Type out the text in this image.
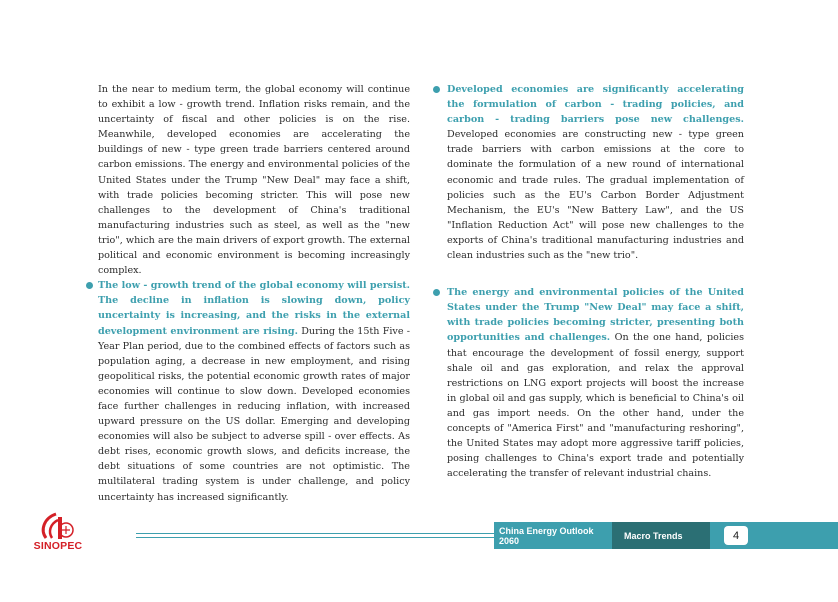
In the near to medium term, the global economy will continue to exhibit a low - growth trend. Inflation risks remain, and the uncertainty of fiscal and other policies is on the rise. Meanwhile, developed economies are accelerating the buildings of new - type green trade barriers centered around carbon emissions. The energy and environmental policies of the United States under the Trump "New Deal" may face a shift, with trade policies becoming stricter. This will pose new challenges to the development of China's traditional manufacturing industries such as steel, as well as the "new trio", which are the main drivers of export growth. The external political and economic environment is becoming increasingly complex.

The low - growth trend of the global economy will persist. The decline in inflation is slowing down, policy uncertainty is increasing, and the risks in the external development environment are rising. During the 15th Five - Year Plan period, due to the combined effects of factors such as population aging, a decrease in new employment, and rising geopolitical risks, the potential economic growth rates of major economies will continue to slow down. Developed economies face further challenges in reducing inflation, with increased upward pressure on the US dollar. Emerging and developing economies will also be subject to adverse spill - over effects. As debt rises, economic growth slows, and deficits increase, the debt situations of some countries are not optimistic. The multilateral trading system is under challenge, and policy uncertainty has increased significantly.

Developed economies are significantly accelerating the formulation of carbon - trading policies, and carbon - trading barriers pose new challenges. Developed economies are constructing new - type green trade barriers with carbon emissions at the core to dominate the formulation of a new round of international economic and trade rules. The gradual implementation of policies such as the EU's Carbon Border Adjustment Mechanism, the EU's "New Battery Law", and the US "Inflation Reduction Act" will pose new challenges to the exports of China's traditional manufacturing industries and clean industries such as the "new trio".

The energy and environmental policies of the United States under the Trump "New Deal" may face a shift, with trade policies becoming stricter, presenting both opportunities and challenges. On the one hand, policies that encourage the development of fossil energy, support shale oil and gas exploration, and relax the approval restrictions on LNG export projects will boost the increase in global oil and gas supply, which is beneficial to China's oil and gas import needs. On the other hand, under the concepts of "America First" and "manufacturing reshoring", the United States may adopt more aggressive tariff policies, posing challenges to China's export trade and potentially accelerating the transfer of relevant industrial chains.

SINOPEC
China Energy Outlook 2060	Macro Trends	4
